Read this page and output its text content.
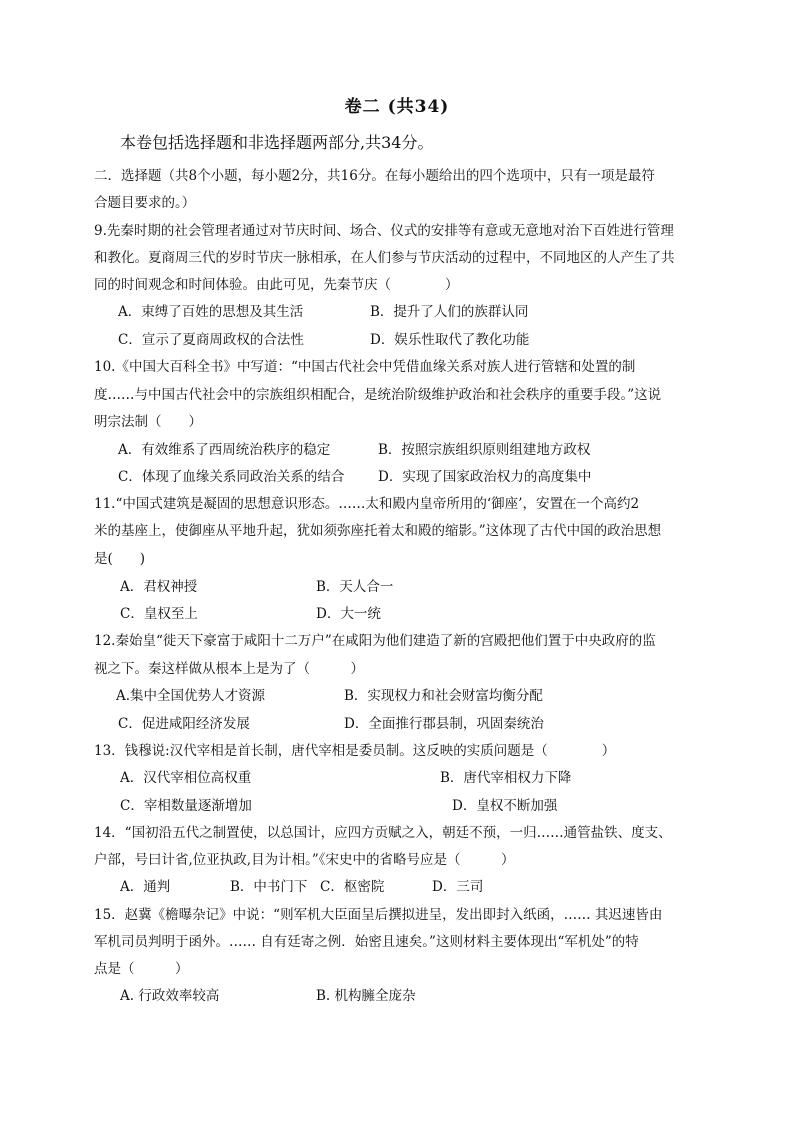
卷二 (共34)
本卷包括选择题和非选择题两部分,共34分。
二．选择题（共8个小题，每小题2分，共16分。在每小题给出的四个选项中，只有一项是最符
合题目要求的。）
9.先秦时期的社会管理者通过对节庆时间、场合、仪式的安排等有意或无意地对治下百姓进行管理
和教化。夏商周三代的岁时节庆一脉相承，在人们参与节庆活动的过程中，不同地区的人产生了共
同的时间观念和时间体验。由此可见，先秦节庆（　　　　）
A．束缚了百姓的思想及其生活	B．提升了人们的族群认同
C．宣示了夏商周政权的合法性	D．娱乐性取代了教化功能
10.《中国大百科全书》中写道：“中国古代社会中凭借血缘关系对族人进行管辖和处置的制
度……与中国古代社会中的宗族组织相配合，是统治阶级维护政治和社会秩序的重要手段。”这说
明宗法制（　　）
A．有效维系了西周统治秩序的稳定	B．按照宗族组织原则组建地方政权
C．体现了血缘关系同政治关系的结合 D．实现了国家政治权力的高度集中
11.“中国式建筑是凝固的思想意识形态。……太和殿内皇帝所用的‘御座’，安置在一个高约2
米的基座上，使御座从平地升起，犹如须弥座托着太和殿的缩影。”这体现了古代中国的政治思想
是(　　)
A．君权神授	B．天人合一
C．皇权至上	D．大一统
12.秦始皇“徙天下豪富于咸阳十二万户”在咸阳为他们建造了新的宫殿把他们置于中央政府的监
视之下。秦这样做从根本上是为了（　　　）
A.集中全国优势人才资源	B．实现权力和社会财富均衡分配
C．促进咸阳经济发展	D．全面推行郡县制，巩固秦统治
13．钱穆说:汉代宰相是首长制，唐代宰相是委员制。这反映的实质问题是（　　　　）
A．汉代宰相位高权重	B．唐代宰相权力下降
C．宰相数量逐渐增加	D．皇权不断加强
14．“国初沿五代之制置使，以总国计，应四方贡赋之入，朝廷不预，一归……通管盐铁、度支、
户部，号曰计省,位亚执政,目为计相。”《宋史中的省略号应是（　　　）
A．通判	B．中书门下 C．枢密院	D．三司
15．赵冀《檐曝杂记》中说：“则军机大臣面呈后撰拟进呈，发出即封入纸函，…… 其迟速皆由
军机司员判明于函外。…… 自有廷寄之例．始密且速矣。”这则材料主要体现出“军机处”的特
点是（　　　）
A. 行政效率较高	B. 机构臃全庞杂
